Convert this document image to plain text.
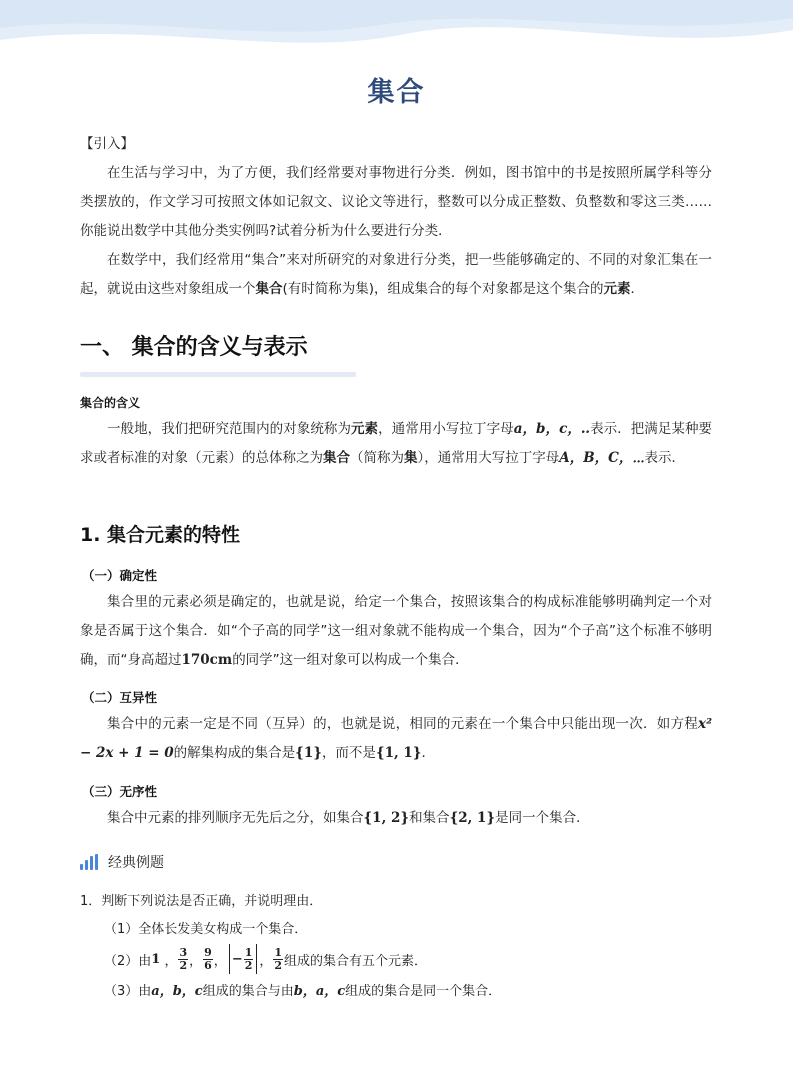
集合
【引入】
在生活与学习中，为了方便，我们经常要对事物进行分类．例如，图书馆中的书是按照所属学科等分类摆放的，作文学习可按照文体如记叙文、议论文等进行，整数可以分成正整数、负整数和零这三类……你能说出数学中其他分类实例吗?试着分析为什么要进行分类．
在数学中，我们经常用“集合”来对所研究的对象进行分类，把一些能够确定的、不同的对象汇集在一起，就说由这些对象组成一个集合(有时简称为集)，组成集合的每个对象都是这个集合的元素．
一、 集合的含义与表示
集合的含义
一般地，我们把研究范围内的对象统称为元素，通常用小写拉丁字母a，b，c，‥表示．把满足某种要求或者标准的对象（元素）的总体称之为集合（简称为集），通常用大写拉丁字母A，B，C，⋯表示．
1. 集合元素的特性
（一）确定性
集合里的元素必须是确定的，也就是说，给定一个集合，按照该集合的构成标准能够明确判定一个对象是否属于这个集合．如“个子高的同学”这一组对象就不能构成一个集合，因为“个子高”这个标准不够明确，而“身高超过170cm的同学”这一组对象可以构成一个集合．
（二）互异性
集合中的元素一定是不同（互异）的，也就是说，相同的元素在一个集合中只能出现一次．如方程x² − 2x + 1 = 0的解集构成的集合是{1}，而不是{1, 1}．
（三）无序性
集合中元素的排列顺序无先后之分，如集合{1, 2}和集合{2, 1}是同一个集合．
经典例题
1．判断下列说法是否正确，并说明理由．
（1）全体长发美女构成一个集合．
（2）由 1 ， $\frac{3}{2}$ ， $\frac{9}{6}$ ， − $\frac{1}{2}$ ， $\frac{1}{2}$ 组成的集合有五个元素．
（3）由a，b，c组成的集合与由b，a，c组成的集合是同一个集合．
